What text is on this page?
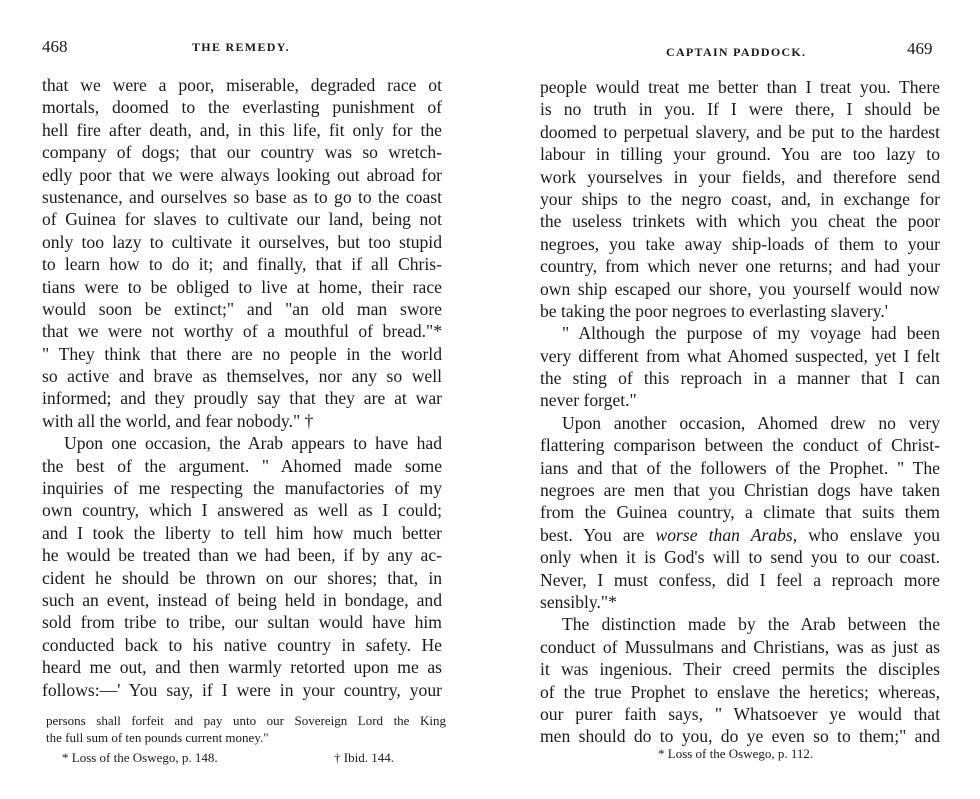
468	THE REMEDY.
that we were a poor, miserable, degraded race ot
mortals, doomed to the everlasting punishment of
hell fire after death, and, in this life, fit only for the
company of dogs; that our country was so wretch-
edly poor that we were always looking out abroad for
sustenance, and ourselves so base as to go to the coast
of Guinea for slaves to cultivate our land, being not
only too lazy to cultivate it ourselves, but too stupid
to learn how to do it; and finally, that if all Chris-
tians were to be obliged to live at home, their race
would soon be extinct;" and "an old man swore
that we were not worthy of a mouthful of bread."*
" They think that there are no people in the world
so active and brave as themselves, nor any so well
informed; and they proudly say that they are at war
with all the world, and fear nobody." †
Upon one occasion, the Arab appears to have had
the best of the argument. " Ahomed made some
inquiries of me respecting the manufactories of my
own country, which I answered as well as I could;
and I took the liberty to tell him how much better
he would be treated than we had been, if by any ac-
cident he should be thrown on our shores; that, in
such an event, instead of being held in bondage, and
sold from tribe to tribe, our sultan would have him
conducted back to his native country in safety. He
heard me out, and then warmly retorted upon me as
follows:—' You say, if I were in your country, your
persons shall forfeit and pay unto our Sovereign Lord the King
the full sum of ten pounds current money."
* Loss of the Oswego, p. 148.	† Ibid. 144.
CAPTAIN PADDOCK.	469
people would treat me better than I treat you. There
is no truth in you. If I were there, I should be
doomed to perpetual slavery, and be put to the hardest
labour in tilling your ground. You are too lazy to
work yourselves in your fields, and therefore send
your ships to the negro coast, and, in exchange for
the useless trinkets with which you cheat the poor
negroes, you take away ship-loads of them to your
country, from which never one returns; and had your
own ship escaped our shore, you yourself would now
be taking the poor negroes to everlasting slavery.'
" Although the purpose of my voyage had been
very different from what Ahomed suspected, yet I felt
the sting of this reproach in a manner that I can
never forget."
Upon another occasion, Ahomed drew no very
flattering comparison between the conduct of Christ-
ians and that of the followers of the Prophet. " The
negroes are men that you Christian dogs have taken
from the Guinea country, a climate that suits them
best. You are worse than Arabs, who enslave you
only when it is God's will to send you to our coast.
Never, I must confess, did I feel a reproach more
sensibly."*
The distinction made by the Arab between the
conduct of Mussulmans and Christians, was as just as
it was ingenious. Their creed permits the disciples
of the true Prophet to enslave the heretics; whereas,
our purer faith says, " Whatsoever ye would that
men should do to you, do ye even so to them;" and
* Loss of the Oswego, p. 112.
